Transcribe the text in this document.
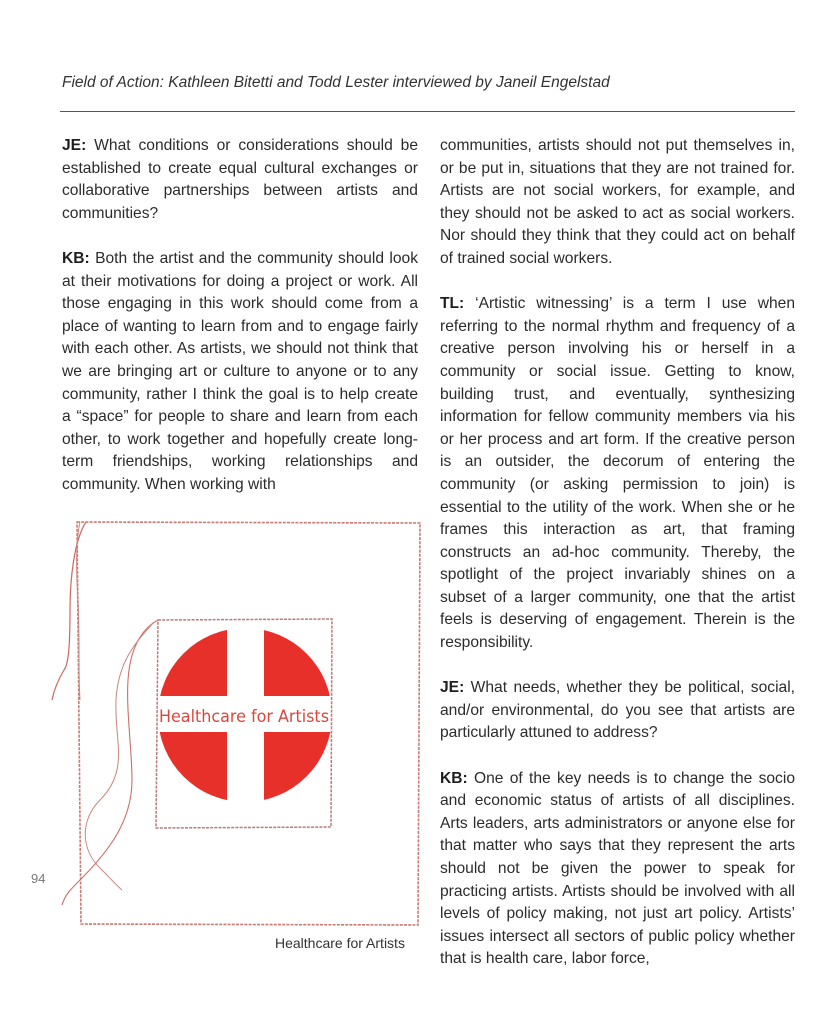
Field of Action: Kathleen Bitetti and Todd Lester interviewed by Janeil Engelstad

JE: What conditions or considerations should be established to create equal cultural exchanges or collaborative partnerships between artists and communities?

KB: Both the artist and the community should look at their motivations for doing a project or work. All those engaging in this work should come from a place of wanting to learn from and to engage fairly with each other. As artists, we should not think that we are bringing art or culture to anyone or to any community, rather I think the goal is to help create a “space” for people to share and learn from each other, to work together and hopefully create long-term friendships, working relationships and community. When working with

communities, artists should not put themselves in, or be put in, situations that they are not trained for. Artists are not social workers, for example, and they should not be asked to act as social workers. Nor should they think that they could act on behalf of trained social workers.

TL: ‘Artistic witnessing’ is a term I use when referring to the normal rhythm and frequency of a creative person involving his or herself in a community or social issue. Getting to know, building trust, and eventually, synthesizing information for fellow community members via his or her process and art form. If the creative person is an outsider, the decorum of entering the community (or asking permission to join) is essential to the utility of the work. When she or he frames this interaction as art, that framing constructs an ad-hoc community. Thereby, the spotlight of the project invariably shines on a subset of a larger community, one that the artist feels is deserving of engagement. Therein is the responsibility.

JE: What needs, whether they be political, social, and/or environmental, do you see that artists are particularly attuned to address?

KB: One of the key needs is to change the socio and economic status of artists of all disciplines. Arts leaders, arts administrators or anyone else for that matter who says that they represent the arts should not be given the power to speak for practicing artists. Artists should be involved with all levels of policy making, not just art policy. Artists’ issues intersect all sectors of public policy whether that is health care, labor force,

Healthcare for Artists
Healthcare for Artists
94
